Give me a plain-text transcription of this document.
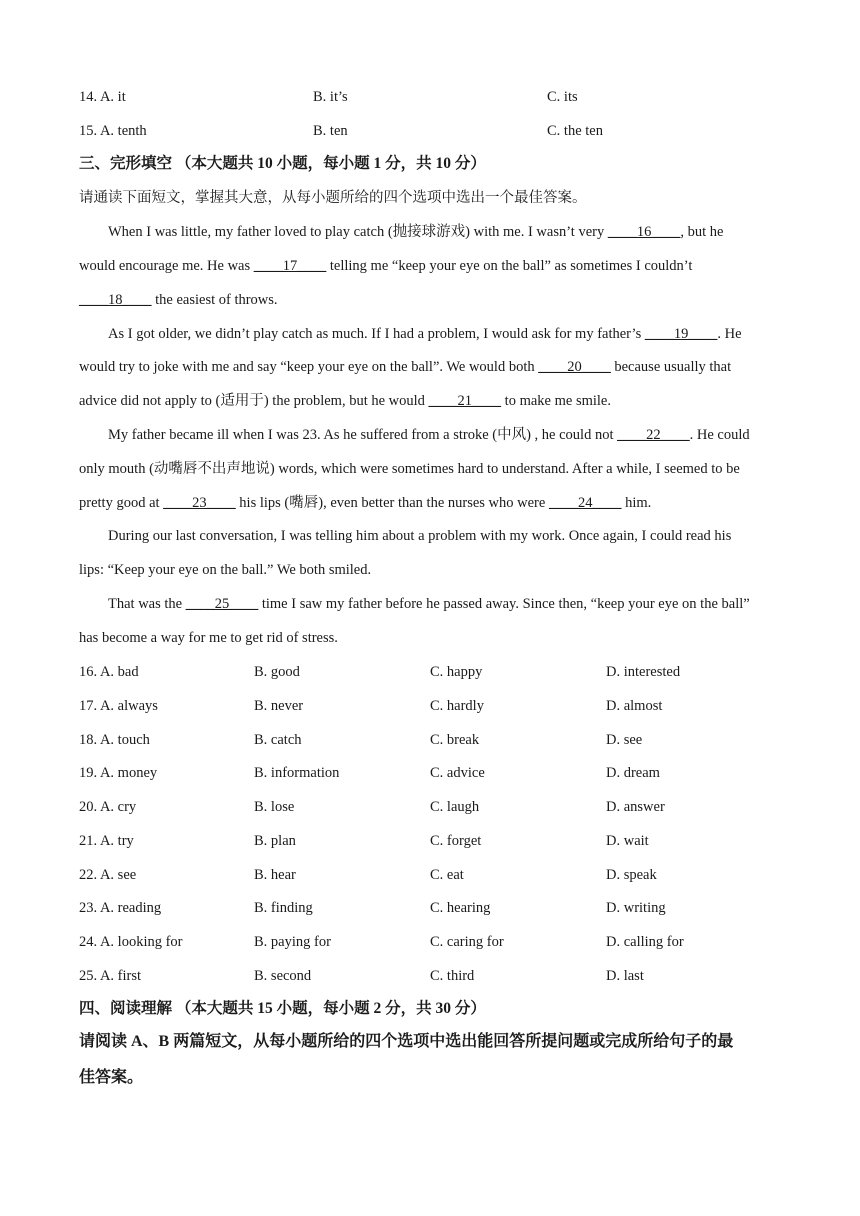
14. A. it	B. it’s	C. its
15. A. tenth	B. ten	C. the ten
三、完形填空 （本大题共 10 小题，每小题 1 分，共 10 分）
请通读下面短文，掌握其大意，从每小题所给的四个选项中选出一个最佳答案。
When I was little, my father loved to play catch (抛接球游戏) with me. I wasn’t very ____16____, but he
would encourage me. He was ____17____ telling me “keep your eye on the ball” as sometimes I couldn’t
____18____ the easiest of throws.
As I got older, we didn’t play catch as much. If I had a problem, I would ask for my father’s ____19____. He
would try to joke with me and say “keep your eye on the ball”. We would both ____20____ because usually that
advice did not apply to (适用于) the problem, but he would ____21____ to make me smile.
My father became ill when I was 23. As he suffered from a stroke (中风) , he could not ____22____. He could
only mouth (动嘴唇不出声地说) words, which were sometimes hard to understand. After a while, I seemed to be
pretty good at ____23____ his lips (嘴唇), even better than the nurses who were ____24____ him.
During our last conversation, I was telling him about a problem with my work. Once again, I could read his
lips: “Keep your eye on the ball.” We both smiled.
That was the ____25____ time I saw my father before he passed away. Since then, “keep your eye on the ball”
has become a way for me to get rid of stress.
16. A. bad	B. good	C. happy	D. interested
17. A. always	B. never	C. hardly	D. almost
18. A. touch	B. catch	C. break	D. see
19. A. money	B. information	C. advice	D. dream
20. A. cry	B. lose	C. laugh	D. answer
21. A. try	B. plan	C. forget	D. wait
22. A. see	B. hear	C. eat	D. speak
23. A. reading	B. finding	C. hearing	D. writing
24. A. looking for	B. paying for	C. caring for	D. calling for
25. A. first	B. second	C. third	D. last
四、阅读理解 （本大题共 15 小题，每小题 2 分，共 30 分）
请阅读 A、B 两篇短文，从每小题所给的四个选项中选出能回答所提问题或完成所给句子的最
佳答案。
